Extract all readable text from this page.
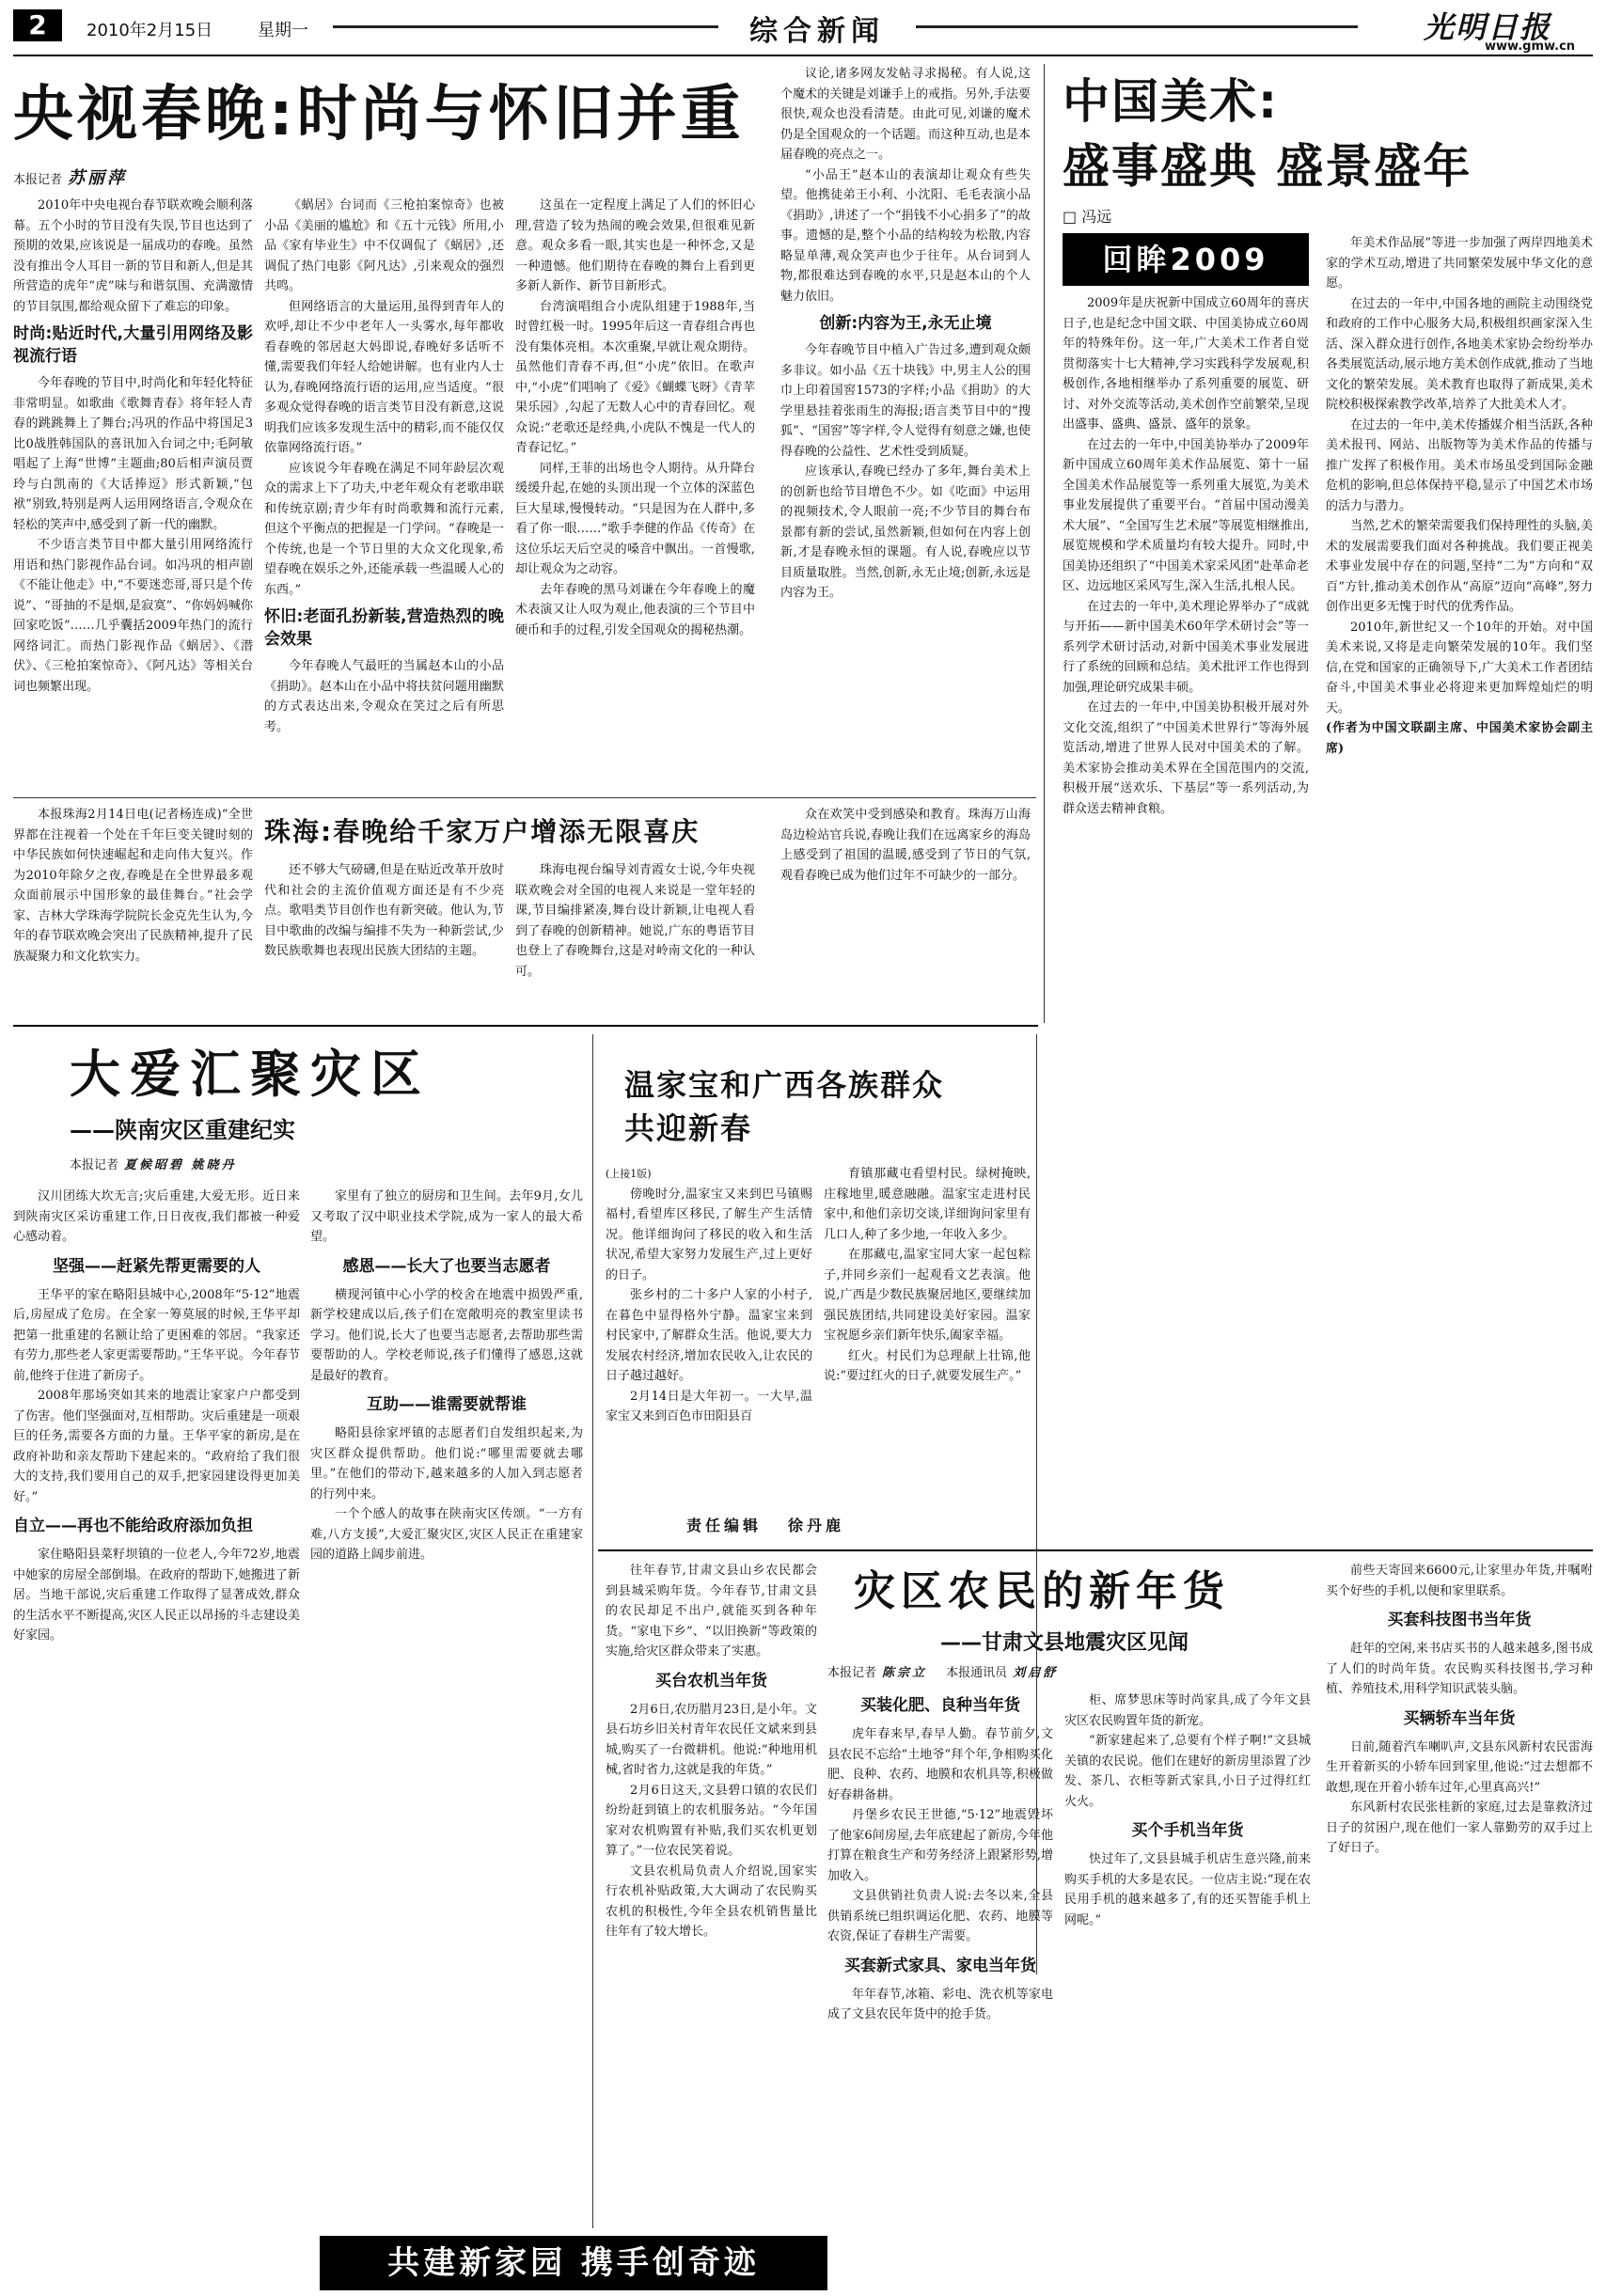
2	2010年2月15日	星期一	综合新闻	光明日报
www.gmw.cn
央视春晚:时尚与怀旧并重
本报记者 苏丽萍

2010年中央电视台春节联欢晚会顺利落幕。五个小时的节目没有失误,节目也达到了预期的效果,应该说是一届成功的春晚。虽然没有推出令人耳目一新的节目和新人,但是其所营造的虎年“虎”味与和谐氛围、充满激情的节目氛围,都给观众留下了难忘的印象。

时尚:贴近时代,大量引用网络及影视流行语

今年春晚的节目中,时尚化和年轻化特征非常明显。如歌曲《歌舞青春》将年轻人青春的跳跳舞上了舞台;冯巩的作品中将国足3比0战胜韩国队的喜讯加入台词之中;毛阿敏唱起了上海“世博”主题曲;80后相声演员贾玲与白凯南的《大话捧逗》形式新颖,“包袱”别致,特别是两人运用网络语言,令观众在轻松的笑声中,感受到了新一代的幽默。

不少语言类节目中都大量引用网络流行用语和热门影视作品台词。如冯巩的相声剧《不能让他走》中,“不要迷恋哥,哥只是个传说”、“哥抽的不是烟,是寂寞”、“你妈妈喊你回家吃饭”……几乎囊括2009年热门的流行网络词汇。而热门影视作品《蜗居》、《潜伏》、《三枪拍案惊奇》、《阿凡达》等相关台词也频繁出现。

《蜗居》台词而《三枪拍案惊奇》也被小品《美丽的尴尬》和《五十元钱》所用,小品《家有毕业生》中不仅调侃了《蜗居》,还调侃了热门电影《阿凡达》,引来观众的强烈共鸣。

但网络语言的大量运用,虽得到青年人的欢呼,却让不少中老年人一头雾水,每年都收看春晚的邻居赵大妈即说,春晚好多话听不懂,需要我们年轻人给她讲解。也有业内人士认为,春晚网络流行语的运用,应当适度。“很多观众觉得春晚的语言类节目没有新意,这说明我们应该多发现生活中的精彩,而不能仅仅依靠网络流行语。”

应该说今年春晚在满足不同年龄层次观众的需求上下了功夫,中老年观众有老歌串联和传统京剧;青少年有时尚歌舞和流行元素,但这个平衡点的把握是一门学问。“春晚是一个传统,也是一个节日里的大众文化现象,希望春晚在娱乐之外,还能承载一些温暖人心的东西。”

怀旧:老面孔扮新装,营造热烈的晚会效果

今年春晚人气最旺的当属赵本山的小品《捐助》。赵本山在小品中将扶贫问题用幽默的方式表达出来,令观众在笑过之后有所思考。

这虽在一定程度上满足了人们的怀旧心理,营造了较为热闹的晚会效果,但很难见新意。观众多看一眼,其实也是一种怀念,又是一种遗憾。他们期待在春晚的舞台上看到更多新人新作、新节目新形式。

台湾演唱组合小虎队组建于1988年,当时曾红极一时。1995年后这一青春组合再也没有集体亮相。本次重聚,早就让观众期待。虽然他们青春不再,但“小虎”依旧。在歌声中,“小虎”们唱响了《爱》《蝴蝶飞呀》《青苹果乐园》,勾起了无数人心中的青春回忆。观众说:“老歌还是经典,小虎队不愧是一代人的青春记忆。”

同样,王菲的出场也令人期待。从升降台缓缓升起,在她的头顶出现一个立体的深蓝色巨大星球,慢慢转动。“只是因为在人群中,多看了你一眼……”歌手李健的作品《传奇》在这位乐坛天后空灵的嗓音中飘出。一首慢歌,却让观众为之动容。

去年春晚的黑马刘谦在今年春晚上的魔术表演又让人叹为观止,他表演的三个节目中硬币和手的过程,引发全国观众的揭秘热潮。

议论,诸多网友发帖寻求揭秘。有人说,这个魔术的关键是刘谦手上的戒指。另外,手法要很快,观众也没看清楚。由此可见,刘谦的魔术仍是全国观众的一个话题。而这种互动,也是本届春晚的亮点之一。

“小品王”赵本山的表演却让观众有些失望。他携徒弟王小利、小沈阳、毛毛表演小品《捐助》,讲述了一个“捐钱不小心捐多了”的故事。遗憾的是,整个小品的结构较为松散,内容略显单薄,观众笑声也少于往年。从台词到人物,都很难达到春晚的水平,只是赵本山的个人魅力依旧。

创新:内容为王,永无止境

今年春晚节目中植入广告过多,遭到观众颇多非议。如小品《五十块钱》中,男主人公的围巾上印着国窖1573的字样;小品《捐助》的大学里悬挂着张雨生的海报;语言类节目中的“搜狐”、“国窖”等字样,令人觉得有刻意之嫌,也使得春晚的公益性、艺术性受到质疑。

应该承认,春晚已经办了多年,舞台美术上的创新也给节目增色不少。如《吃面》中运用的视频技术,令人眼前一亮;不少节目的舞台布景都有新的尝试,虽然新颖,但如何在内容上创新,才是春晚永恒的课题。有人说,春晚应以节目质量取胜。当然,创新,永无止境;创新,永远是内容为王。

本报珠海2月14日电(记者杨连成)“全世界都在注视着一个处在千年巨变关键时刻的中华民族如何快速崛起和走向伟大复兴。作为2010年除夕之夜,春晚是在全世界最多观众面前展示中国形象的最佳舞台。”社会学家、吉林大学珠海学院院长金克先生认为,今年的春节联欢晚会突出了民族精神,提升了民族凝聚力和文化软实力。

珠海:春晚给千家万户增添无限喜庆

还不够大气磅礴,但是在贴近改革开放时代和社会的主流价值观方面还是有不少亮点。歌唱类节目创作也有新突破。他认为,节目中歌曲的改编与编排不失为一种新尝试,少数民族歌舞也表现出民族大团结的主题。

珠海电视台编导刘青霞女士说,今年央视联欢晚会对全国的电视人来说是一堂年轻的课,节目编排紧凑,舞台设计新颖,让电视人看到了春晚的创新精神。她说,广东的粤语节目也登上了春晚舞台,这是对岭南文化的一种认可。

众在欢笑中受到感染和教育。珠海万山海岛边检站官兵说,春晚让我们在远离家乡的海岛上感受到了祖国的温暖,感受到了节日的气氛,观看春晚已成为他们过年不可缺少的一部分。

中国美术:
盛事盛典 盛景盛年
□ 冯远
回眸2009

2009年是庆祝新中国成立60周年的喜庆日子,也是纪念中国文联、中国美协成立60周年的特殊年份。这一年,广大美术工作者自觉贯彻落实十七大精神,学习实践科学发展观,积极创作,各地相继举办了系列重要的展览、研讨、对外交流等活动,美术创作空前繁荣,呈现出盛事、盛典、盛景、盛年的景象。

在过去的一年中,中国美协举办了2009年新中国成立60周年美术作品展览、第十一届全国美术作品展览等一系列重大展览,为美术事业发展提供了重要平台。“首届中国动漫美术大展”、“全国写生艺术展”等展览相继推出,展览规模和学术质量均有较大提升。同时,中国美协还组织了“中国美术家采风团”赴革命老区、边远地区采风写生,深入生活,扎根人民。

在过去的一年中,美术理论界举办了“成就与开拓——新中国美术60年学术研讨会”等一系列学术研讨活动,对新中国美术事业发展进行了系统的回顾和总结。美术批评工作也得到加强,理论研究成果丰硕。

在过去的一年中,中国美协积极开展对外文化交流,组织了“中国美术世界行”等海外展览活动,增进了世界人民对中国美术的了解。美术家协会推动美术界在全国范围内的交流,积极开展“送欢乐、下基层”等一系列活动,为群众送去精神食粮。

年美术作品展”等进一步加强了两岸四地美术家的学术互动,增进了共同繁荣发展中华文化的意愿。

在过去的一年中,中国各地的画院主动围绕党和政府的工作中心服务大局,积极组织画家深入生活、深入群众进行创作,各地美术家协会纷纷举办各类展览活动,展示地方美术创作成就,推动了当地文化的繁荣发展。美术教育也取得了新成果,美术院校积极探索教学改革,培养了大批美术人才。

在过去的一年中,美术传播媒介相当活跃,各种美术报刊、网站、出版物等为美术作品的传播与推广发挥了积极作用。美术市场虽受到国际金融危机的影响,但总体保持平稳,显示了中国艺术市场的活力与潜力。

当然,艺术的繁荣需要我们保持理性的头脑,美术的发展需要我们面对各种挑战。我们要正视美术事业发展中存在的问题,坚持“二为”方向和“双百”方针,推动美术创作从“高原”迈向“高峰”,努力创作出更多无愧于时代的优秀作品。

2010年,新世纪又一个10年的开始。对中国美术来说,又将是走向繁荣发展的10年。我们坚信,在党和国家的正确领导下,广大美术工作者团结奋斗,中国美术事业必将迎来更加辉煌灿烂的明天。

(作者为中国文联副主席、中国美术家协会副主席)

大爱汇聚灾区
——陕南灾区重建纪实
本报记者 夏候昭碧 姚晓丹

汉川团练大坎无言;灾后重建,大爱无形。近日来到陕南灾区采访重建工作,日日夜夜,我们都被一种爱心感动着。

坚强——赶紧先帮更需要的人

王华平的家在略阳县城中心,2008年“5·12”地震后,房屋成了危房。在全家一筹莫展的时候,王华平却把第一批重建的名额让给了更困难的邻居。“我家还有劳力,那些老人家更需要帮助。”王华平说。今年春节前,他终于住进了新房子。

2008年那场突如其来的地震让家家户户都受到了伤害。他们坚强面对,互相帮助。灾后重建是一项艰巨的任务,需要各方面的力量。王华平家的新房,是在政府补助和亲友帮助下建起来的。“政府给了我们很大的支持,我们要用自己的双手,把家园建设得更加美好。”

自立——再也不能给政府添加负担

家住略阳县菜籽坝镇的一位老人,今年72岁,地震中她家的房屋全部倒塌。在政府的帮助下,她搬进了新居。当地干部说,灾后重建工作取得了显著成效,群众的生活水平不断提高,灾区人民正以昂扬的斗志建设美好家园。

家里有了独立的厨房和卫生间。去年9月,女儿又考取了汉中职业技术学院,成为一家人的最大希望。

感恩——长大了也要当志愿者

横现河镇中心小学的校舍在地震中损毁严重,新学校建成以后,孩子们在宽敞明亮的教室里读书学习。他们说,长大了也要当志愿者,去帮助那些需要帮助的人。学校老师说,孩子们懂得了感恩,这就是最好的教育。

互助——谁需要就帮谁

略阳县徐家坪镇的志愿者们自发组织起来,为灾区群众提供帮助。他们说:“哪里需要就去哪里。”在他们的带动下,越来越多的人加入到志愿者的行列中来。

一个个感人的故事在陕南灾区传颂。“一方有难,八方支援”,大爱汇聚灾区,灾区人民正在重建家园的道路上阔步前进。

温家宝和广西各族群众
共迎新春

(上接1版)

傍晚时分,温家宝又来到巴马镇赐福村,看望库区移民,了解生产生活情况。他详细询问了移民的收入和生活状况,希望大家努力发展生产,过上更好的日子。

张乡村的二十多户人家的小村子,在暮色中显得格外宁静。温家宝来到村民家中,了解群众生活。他说,要大力发展农村经济,增加农民收入,让农民的日子越过越好。

2月14日是大年初一。一大早,温家宝又来到百色市田阳县百

育镇那藏屯看望村民。绿树掩映,庄稼地里,暖意融融。温家宝走进村民家中,和他们亲切交谈,详细询问家里有几口人,种了多少地,一年收入多少。

在那藏屯,温家宝同大家一起包粽子,并同乡亲们一起观看文艺表演。他说,广西是少数民族聚居地区,要继续加强民族团结,共同建设美好家园。温家宝祝愿乡亲们新年快乐,阖家幸福。

红火。村民们为总理献上壮锦,他说:“要过红火的日子,就要发展生产。”

责任编辑 徐丹鹿

往年春节,甘肃文县山乡农民都会到县城采购年货。今年春节,甘肃文县的农民却足不出户,就能买到各种年货。“家电下乡”、“以旧换新”等政策的实施,给灾区群众带来了实惠。

买台农机当年货

2月6日,农历腊月23日,是小年。文县石坊乡旧关村青年农民任文斌来到县城,购买了一台微耕机。他说:“种地用机械,省时省力,这就是我的年货。”

2月6日这天,文县碧口镇的农民们纷纷赶到镇上的农机服务站。“今年国家对农机购置有补贴,我们买农机更划算了。”一位农民笑着说。

文县农机局负责人介绍说,国家实行农机补贴政策,大大调动了农民购买农机的积极性,今年全县农机销售量比往年有了较大增长。

灾区农民的新年货
——甘肃文县地震灾区见闻
本报记者 陈宗立 本报通讯员 刘启舒
买装化肥、良种当年货

虎年春来早,春早人勤。春节前夕,文县农民不忘给“土地爷”拜个年,争相购买化肥、良种、农药、地膜和农机具等,积极做好春耕备耕。

丹堡乡农民王世德,“5·12”地震毁坏了他家6间房屋,去年底建起了新房,今年他打算在粮食生产和劳务经济上跟紧形势,增加收入。

文县供销社负责人说:去冬以来,全县供销系统已组织调运化肥、农药、地膜等农资,保证了春耕生产需要。

买套新式家具、家电当年货

年年春节,冰箱、彩电、洗衣机等家电成了文县农民年货中的抢手货。

柜、席梦思床等时尚家具,成了今年文县灾区农民购置年货的新宠。

“新家建起来了,总要有个样子啊!”文县城关镇的农民说。他们在建好的新房里添置了沙发、茶几、衣柜等新式家具,小日子过得红红火火。

买个手机当年货

快过年了,文县县城手机店生意兴隆,前来购买手机的大多是农民。一位店主说:“现在农民用手机的越来越多了,有的还买智能手机上网呢。”

前些天寄回来6600元,让家里办年货,并嘱咐买个好些的手机,以便和家里联系。

买套科技图书当年货

赶年的空闲,来书店买书的人越来越多,图书成了人们的时尚年货。农民购买科技图书,学习种植、养殖技术,用科学知识武装头脑。

买辆轿车当年货

日前,随着汽车喇叭声,文县东风新村农民雷海生开着新买的小轿车回到家里,他说:“过去想都不敢想,现在开着小轿车过年,心里真高兴!”

东风新村农民张桂新的家庭,过去是靠救济过日子的贫困户,现在他们一家人靠勤劳的双手过上了好日子。

共建新家园 携手创奇迹
